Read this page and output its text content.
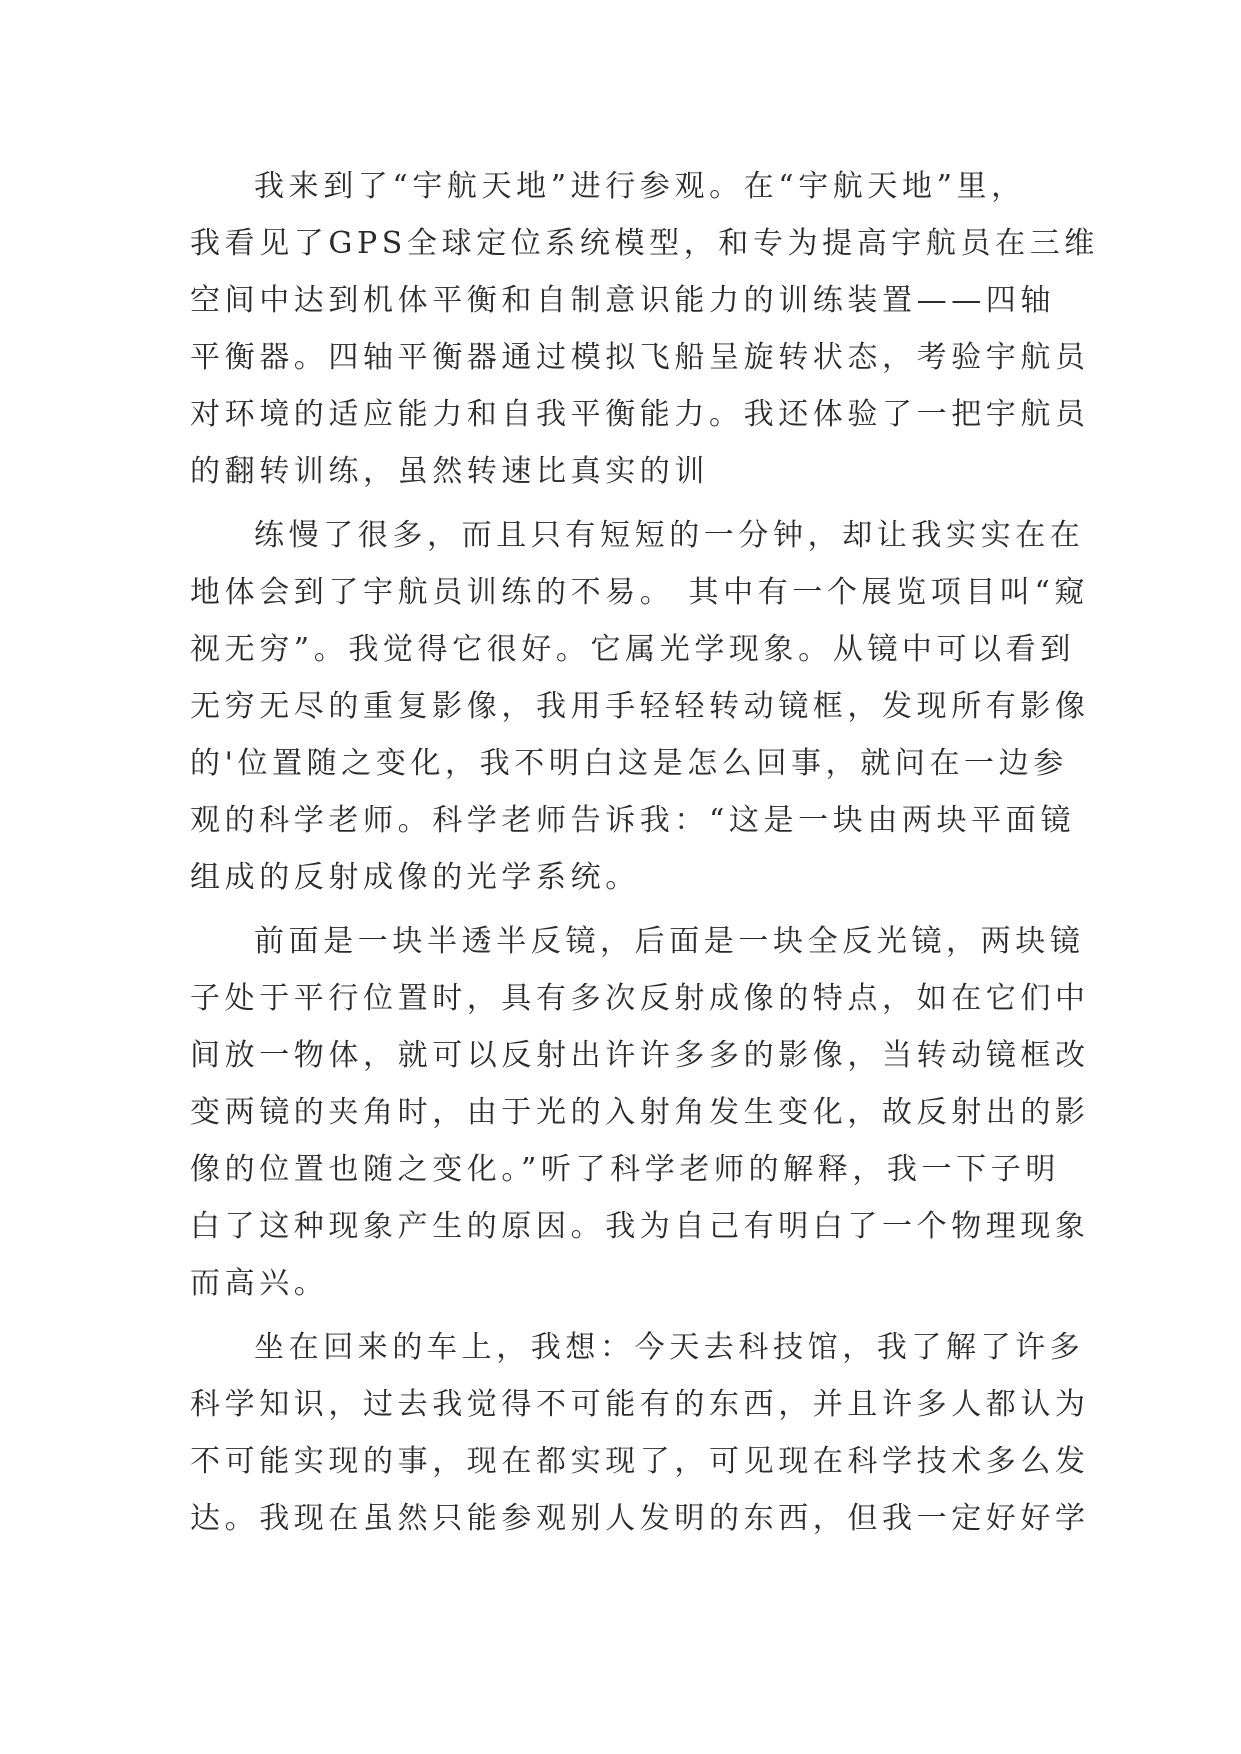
我来到了“宇航天地”进行参观。在“宇航天地”里，
我看见了GPS全球定位系统模型，和专为提高宇航员在三维
空间中达到机体平衡和自制意识能力的训练装置——四轴
平衡器。四轴平衡器通过模拟飞船呈旋转状态，考验宇航员
对环境的适应能力和自我平衡能力。我还体验了一把宇航员
的翻转训练，虽然转速比真实的训
练慢了很多，而且只有短短的一分钟，却让我实实在在
地体会到了宇航员训练的不易。 其中有一个展览项目叫“窥
视无穷”。我觉得它很好。它属光学现象。从镜中可以看到
无穷无尽的重复影像，我用手轻轻转动镜框，发现所有影像
的'位置随之变化，我不明白这是怎么回事，就问在一边参
观的科学老师。科学老师告诉我：“这是一块由两块平面镜
组成的反射成像的光学系统。
前面是一块半透半反镜，后面是一块全反光镜，两块镜
子处于平行位置时，具有多次反射成像的特点，如在它们中
间放一物体，就可以反射出许许多多的影像，当转动镜框改
变两镜的夹角时，由于光的入射角发生变化，故反射出的影
像的位置也随之变化。”听了科学老师的解释，我一下子明
白了这种现象产生的原因。我为自己有明白了一个物理现象
而高兴。
坐在回来的车上，我想：今天去科技馆，我了解了许多
科学知识，过去我觉得不可能有的东西，并且许多人都认为
不可能实现的事，现在都实现了，可见现在科学技术多么发
达。我现在虽然只能参观别人发明的东西，但我一定好好学
